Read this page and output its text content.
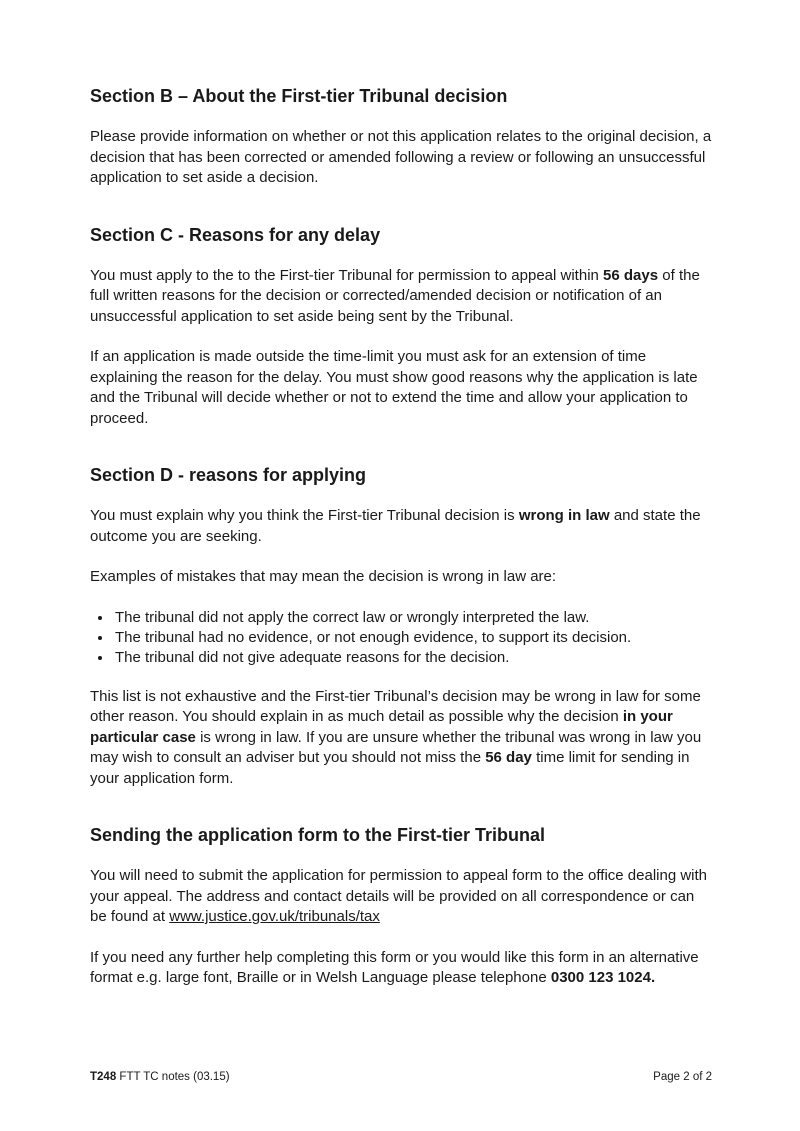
Section B – About the First-tier Tribunal decision

Please provide information on whether or not this application relates to the original decision, a decision that has been corrected or amended following a review or following an unsuccessful application to set aside a decision.

Section C - Reasons for any delay

You must apply to the to the First-tier Tribunal for permission to appeal within 56 days of the full written reasons for the decision or corrected/amended decision or notification of an unsuccessful application to set aside being sent by the Tribunal.

If an application is made outside the time-limit you must ask for an extension of time explaining the reason for the delay. You must show good reasons why the application is late and the Tribunal will decide whether or not to extend the time and allow your application to proceed.

Section D - reasons for applying

You must explain why you think the First-tier Tribunal decision is wrong in law and state the outcome you are seeking.

Examples of mistakes that may mean the decision is wrong in law are:

• The tribunal did not apply the correct law or wrongly interpreted the law.
• The tribunal had no evidence, or not enough evidence, to support its decision.
• The tribunal did not give adequate reasons for the decision.

This list is not exhaustive and the First-tier Tribunal’s decision may be wrong in law for some other reason. You should explain in as much detail as possible why the decision in your particular case is wrong in law. If you are unsure whether the tribunal was wrong in law you may wish to consult an adviser but you should not miss the 56 day time limit for sending in your application form.

Sending the application form to the First-tier Tribunal

You will need to submit the application for permission to appeal form to the office dealing with your appeal. The address and contact details will be provided on all correspondence or can be found at www.justice.gov.uk/tribunals/tax

If you need any further help completing this form or you would like this form in an alternative format e.g. large font, Braille or in Welsh Language please telephone 0300 123 1024.

T248 FTT TC notes (03.15)	Page 2 of 2
